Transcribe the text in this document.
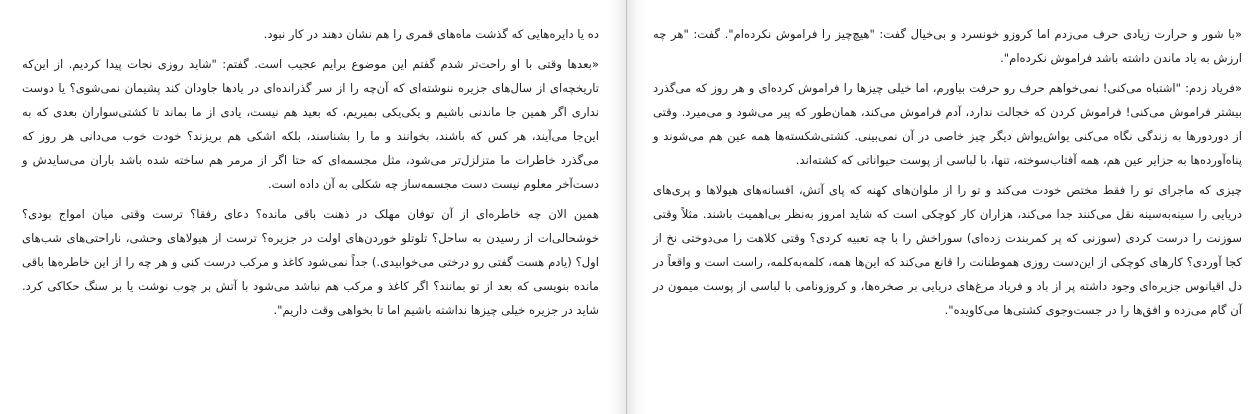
ده یا دایره‌هایی که گذشت ماه‌های قمری را هم نشان دهند در کار نبود.

«بعدها وقتی با او راحت‌تر شدم گفتم این موضوع برایم عجیب است. گفتم: "شاید روزی نجات پیدا کردیم. از این‌که تاریخچه‌ای از سال‌های جزیره ننوشته‌ای که آن‌چه را از سر گذرانده‌ای در یادها جاودان کند پشیمان نمی‌شوی؟ یا دوست نداری اگر همین جا ماندنی باشیم و یکی‌یکی بمیریم، که بعید هم نیست، یادی از ما بماند تا کشتی‌سواران بعدی که به این‌جا می‌آیند، هر کس که باشند، بخوانند و ما را بشناسند، بلکه اشکی هم بریزند؟ خودت خوب می‌دانی هر روز که می‌گذرد خاطرات ما متزلزل‌تر می‌شود، مثل مجسمه‌ای که حتا اگر از مرمر هم ساخته شده باشد باران می‌سایدش و دست‌آخر معلوم نیست دست مجسمه‌ساز چه شکلی به آن داده است.

همین الان چه خاطره‌ای از آن توفان مهلک در ذهنت باقی مانده؟ دعای رفقا؟ ترست وقتی میان امواج بودی؟ خوشحالی‌ات از رسیدن به ساحل؟ تلوتلو خوردن‌های اولت در جزیره؟ ترست از هیولاهای وحشی، ناراحتی‌های شب‌های اول؟ (یادم هست گفتی رو درختی می‌خوابیدی.) جداً نمی‌شود کاغذ و مرکب درست کنی و هر چه را از این خاطره‌ها باقی مانده بنویسی که بعد از تو بمانند؟ اگر کاغذ و مرکب هم نباشد می‌شود با آتش بر چوب نوشت یا بر سنگ حکاکی کرد. شاید در جزیره خیلی چیزها نداشته باشیم اما تا بخواهی وقت داریم".

«با شور و حرارت زیادی حرف می‌زدم اما کروزو خونسرد و بی‌خیال گفت: "هیچ‌چیز را فراموش نکرده‌ام". گفت: "هر چه ارزش به یاد ماندن داشته باشد فراموش نکرده‌ام".

«فریاد زدم: "اشتباه می‌کنی! نمی‌خواهم حرف رو حرفت بیاورم، اما خیلی چیزها را فراموش کرده‌ای و هر روز که می‌گذرد بیشتر فراموش می‌کنی! فراموش کردن که خجالت ندارد، آدم فراموش می‌کند، همان‌طور که پیر می‌شود و می‌میرد. وقتی از دوردورها به زندگی نگاه می‌کنی یواش‌یواش دیگر چیز خاصی در آن نمی‌بینی. کشتی‌شکسته‌ها همه عین هم می‌شوند و پناه‌آورده‌ها به جزایر عین هم، همه آفتاب‌سوخته، تنها، با لباسی از پوست حیواناتی که کشته‌اند.

چیزی که ماجرای تو را فقط مختص خودت می‌کند و تو را از ملوان‌های کهنه که پای آتش، افسانه‌های هیولاها و پری‌های دریایی را سینه‌به‌سینه نقل می‌کنند جدا می‌کند، هزاران کار کوچکی است که شاید امروز به‌نظر بی‌اهمیت باشند. مثلاً وقتی سوزنت را درست کردی (سوزنی که پر کمربندت زده‌ای) سوراخش را با چه تعبیه کردی؟ وقتی کلاهت را می‌دوختی نخ از کجا آوردی؟ کارهای کوچکی از این‌دست روزی هموطنانت را قانع می‌کند که این‌ها همه، کلمه‌به‌کلمه، راست است و واقعاً در دل اقیانوس جزیره‌ای وجود داشته پر از باد و فریاد مرغ‌های دریایی بر صخره‌ها، و کروزونامی با لباسی از پوست میمون در آن گام می‌زده و افق‌ها را در جست‌وجوی کشتی‌ها می‌کاویده".
